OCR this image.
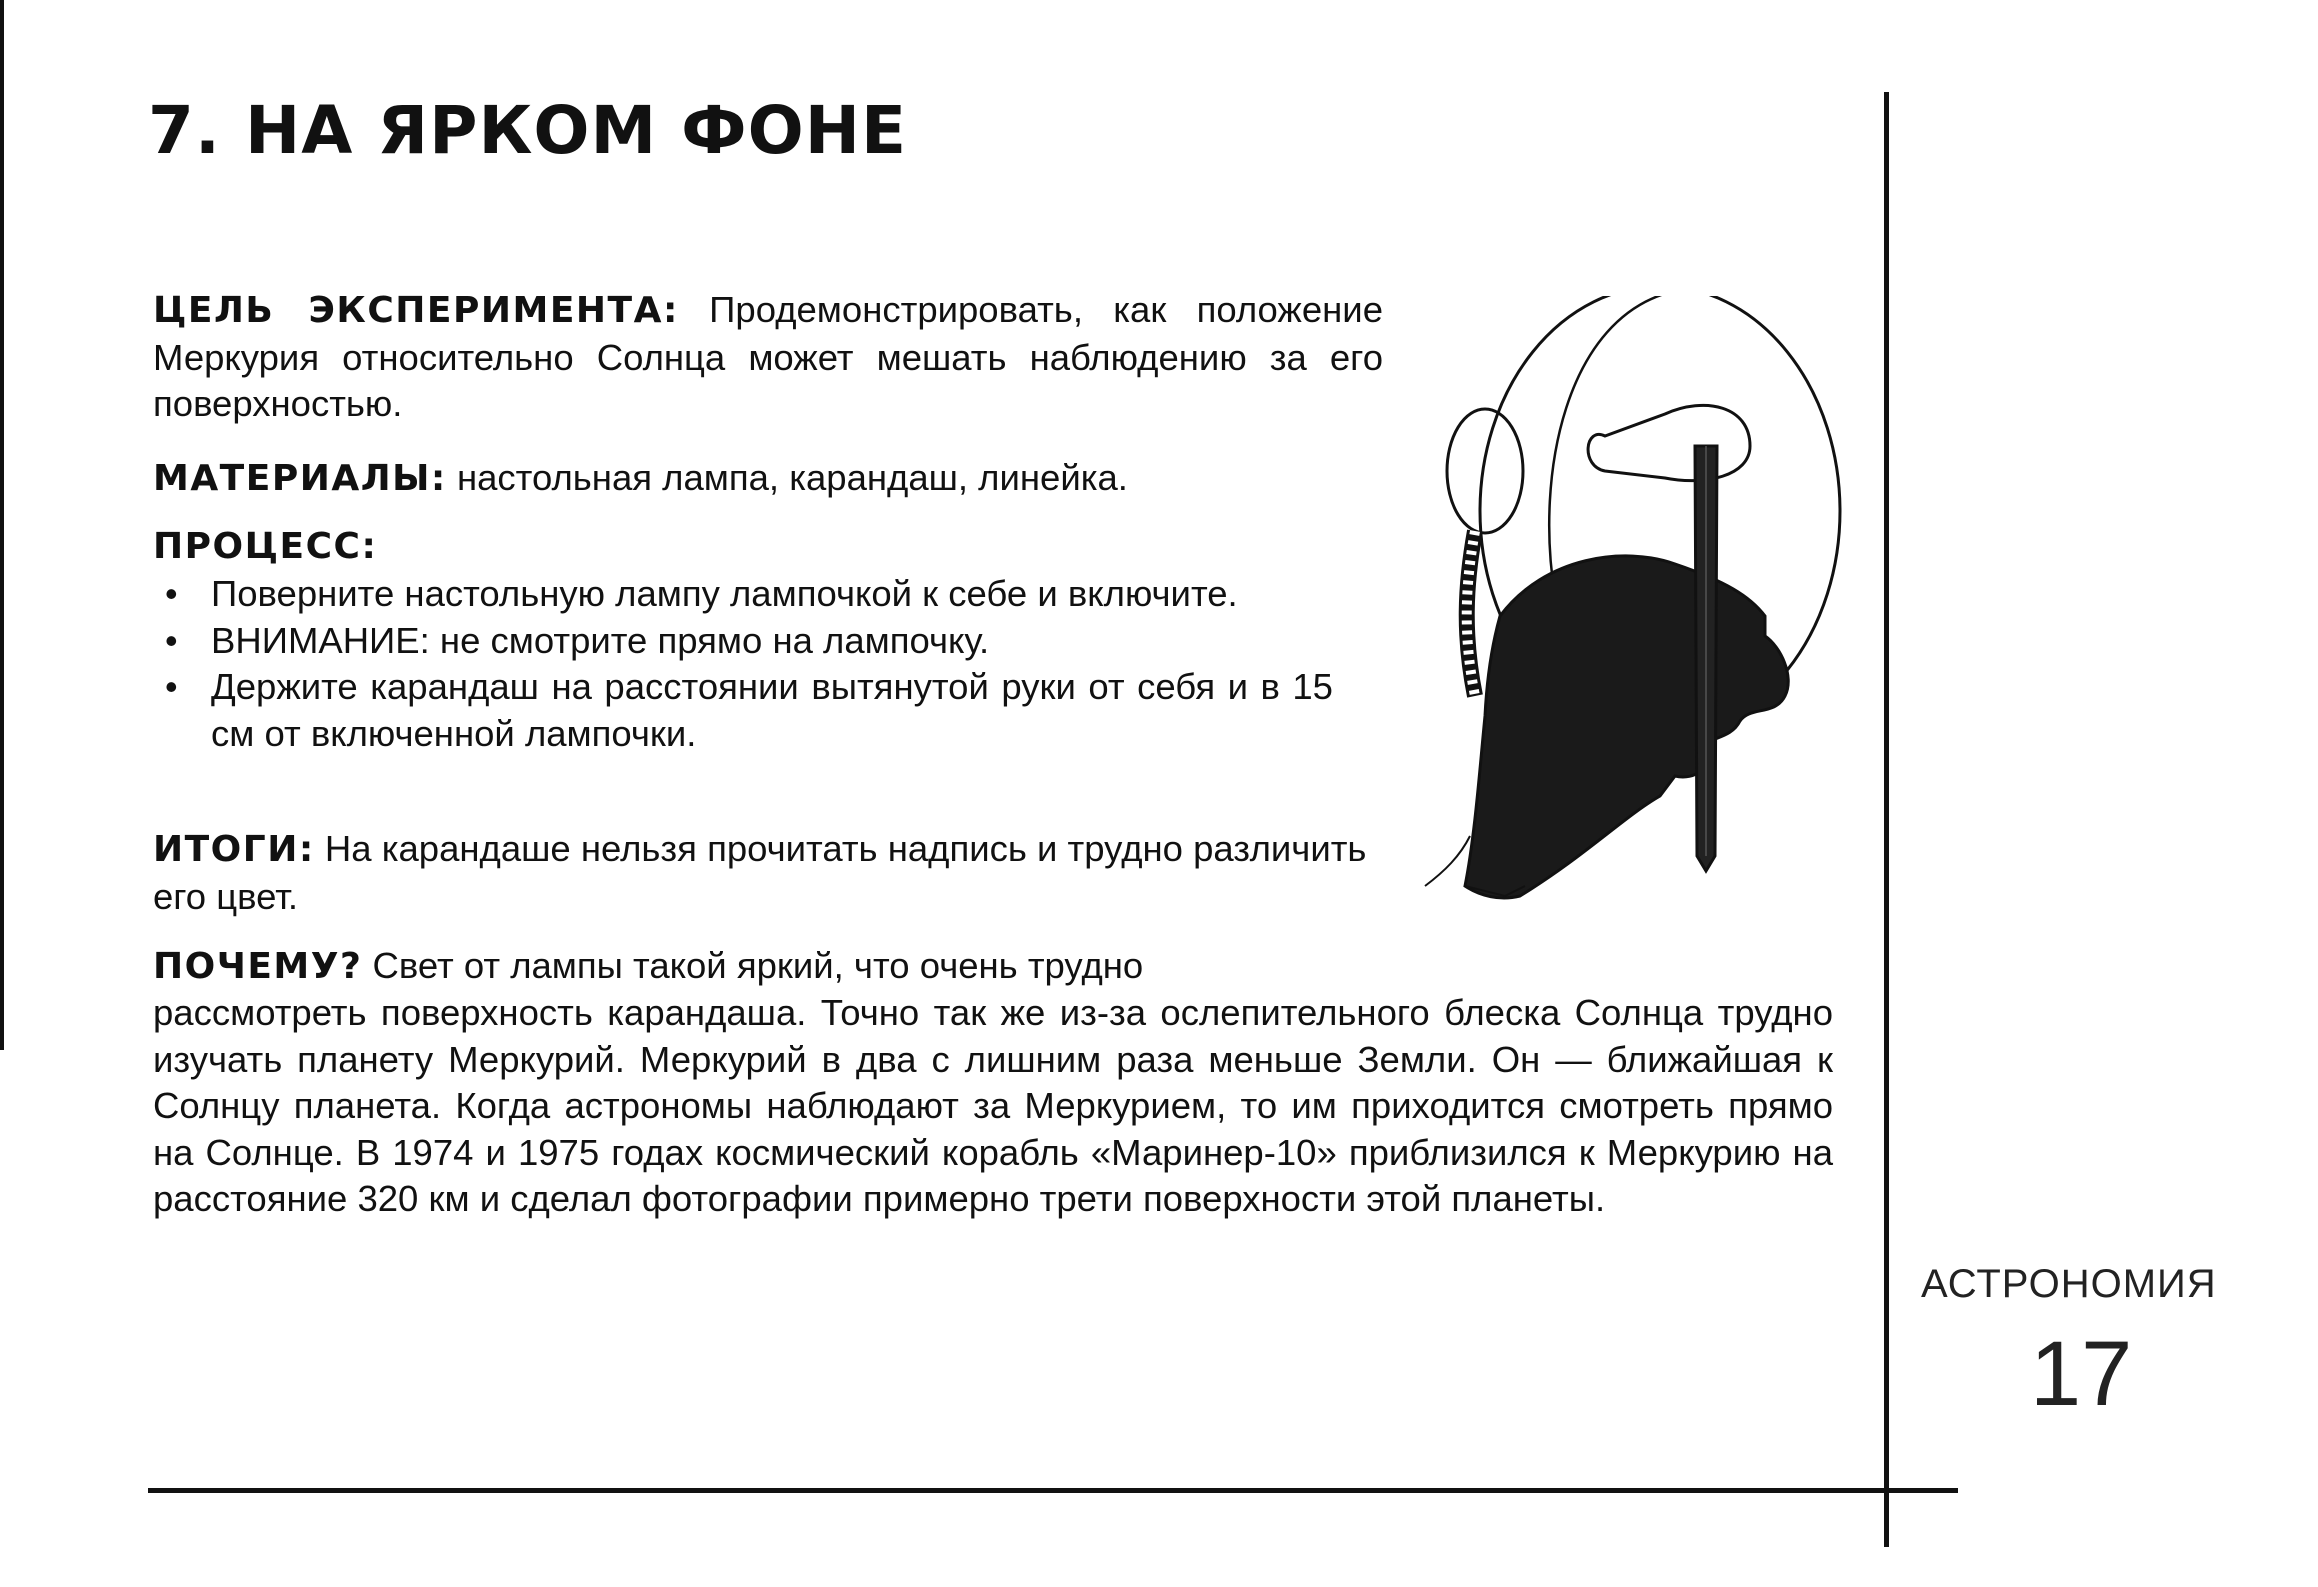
7. НА ЯРКОМ ФОНЕ

ЦЕЛЬ ЭКСПЕРИМЕНТА: Продемонстрировать, как положение Меркурия относительно Солнца может мешать наблюдению за его поверхностью.

МАТЕРИАЛЫ: настольная лампа, карандаш, линейка.

ПРОЦЕСС:

• Поверните настольную лампу лампочкой к себе и включите.
• ВНИМАНИЕ: не смотрите прямо на лампочку.
• Держите карандаш на расстоянии вытянутой руки от себя и в 15 см от включенной лампочки.

ИТОГИ: На карандаше нельзя прочитать надпись и трудно различить его цвет.

ПОЧЕМУ? Свет от лампы такой яркий, что очень трудно

рассмотреть поверхность карандаша. Точно так же из-за ослепительного блеска Солнца трудно изучать планету Меркурий. Меркурий в два с лишним раза меньше Земли. Он — ближайшая к Солнцу планета. Когда астрономы наблюдают за Меркурием, то им приходится смотреть прямо на Солнце. В 1974 и 1975 годах космический корабль «Маринер-10» приблизился к Меркурию на расстояние 320 км и сделал фотографии примерно трети поверхности этой планеты.

АСТРОНОМИЯ
17
